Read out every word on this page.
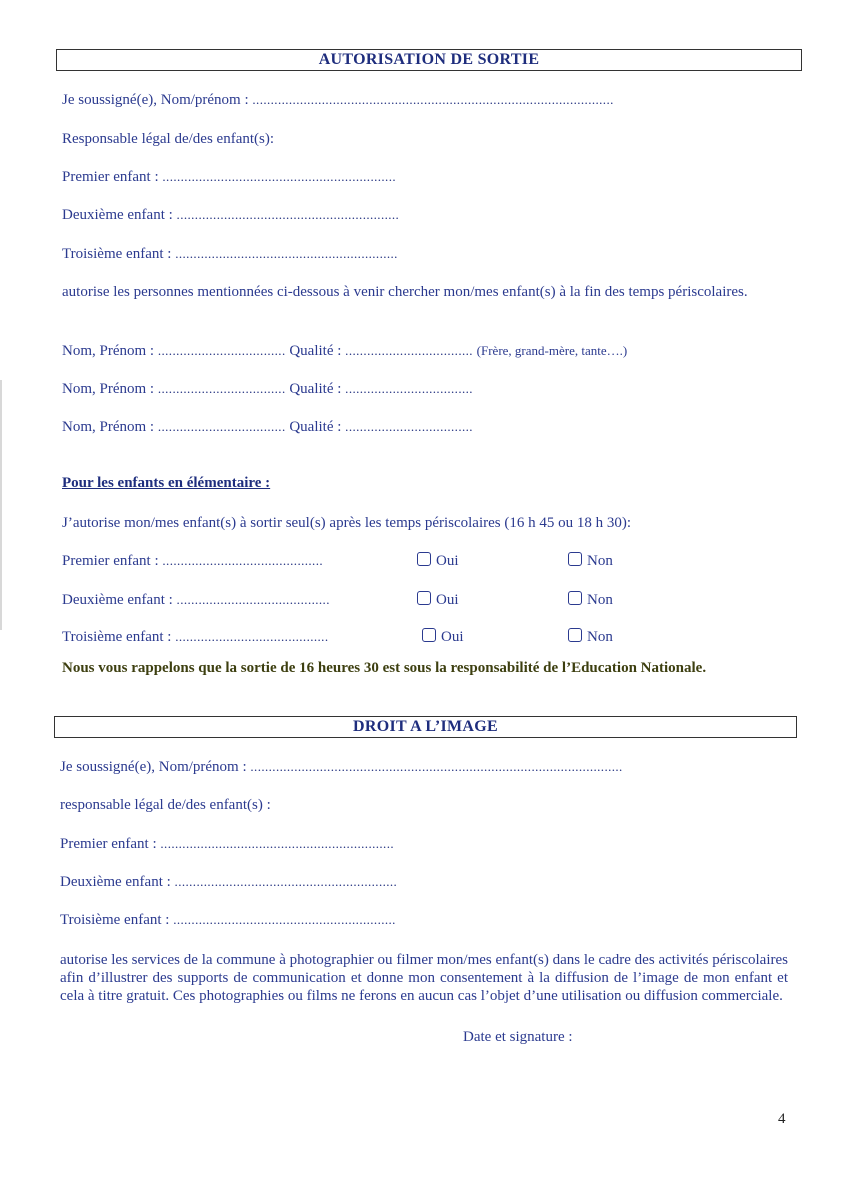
AUTORISATION DE SORTIE
Je soussigné(e), Nom/prénom : ...................................................................................................
Responsable légal de/des enfant(s):
Premier enfant : ................................................................
Deuxième enfant : .............................................................
Troisième enfant : .............................................................
autorise les personnes mentionnées ci-dessous à venir chercher mon/mes enfant(s) à la fin des temps périscolaires.
Nom, Prénom : ................................... Qualité : ................................... (Frère, grand-mère, tante….)
Nom, Prénom : ................................... Qualité : ...................................
Nom, Prénom : ................................... Qualité : ...................................
Pour les enfants en élémentaire :
J’autorise mon/mes enfant(s) à sortir seul(s) après les temps périscolaires (16 h 45 ou 18 h 30):
Premier enfant : ............................................	Oui	Non
Deuxième enfant : ..........................................	Oui	Non
Troisième enfant : ..........................................	Oui	Non
Nous vous rappelons que la sortie de 16 heures 30 est sous la responsabilité de l’Education Nationale.
DROIT A L’IMAGE
Je soussigné(e), Nom/prénom : ......................................................................................................
responsable légal de/des enfant(s) :
Premier enfant : ................................................................
Deuxième enfant : .............................................................
Troisième enfant : .............................................................
autorise les services de la commune à photographier ou filmer mon/mes enfant(s) dans le cadre des activités périscolaires afin d’illustrer des supports de communication et donne mon consentement à la diffusion de l’image de mon enfant et cela à titre gratuit. Ces photographies ou films ne ferons en aucun cas l’objet d’une utilisation ou diffusion commerciale.
Date et signature :
4
